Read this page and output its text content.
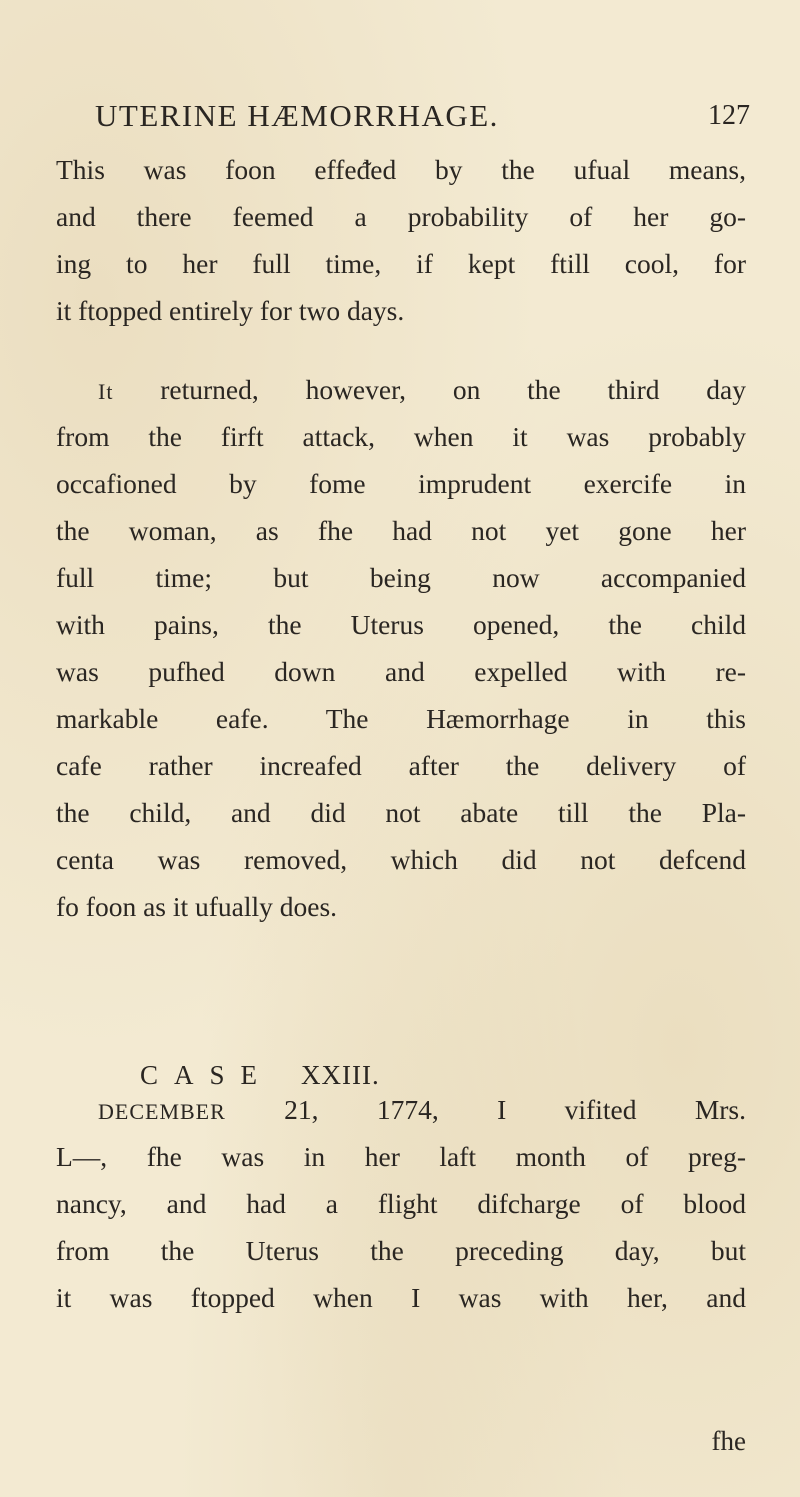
UTERINE HÆMORRHAGE.	127
This was foon effeᵭed by the ufual means,
and there feemed a probability of her go-
ing to her full time, if kept ftill cool, for
it ftopped entirely for two days.
It returned, however, on the third day
from the firft attack, when it was probably
occafioned by fome imprudent exercife in
the woman, as fhe had not yet gone her
full time; but being now accompanied
with pains, the Uterus opened, the child
was pufhed down and expelled with re-
markable eafe. The Hæmorrhage in this
cafe rather increafed after the delivery of
the child, and did not abate till the Pla-
centa was removed, which did not defcend
fo foon as it ufually does.
CASE XXIII.
DECEMBER 21, 1774, I vifited Mrs.
L—, fhe was in her laft month of preg-
nancy, and had a flight difcharge of blood
from the Uterus the preceding day, but
it was ftopped when I was with her, and
fhe
